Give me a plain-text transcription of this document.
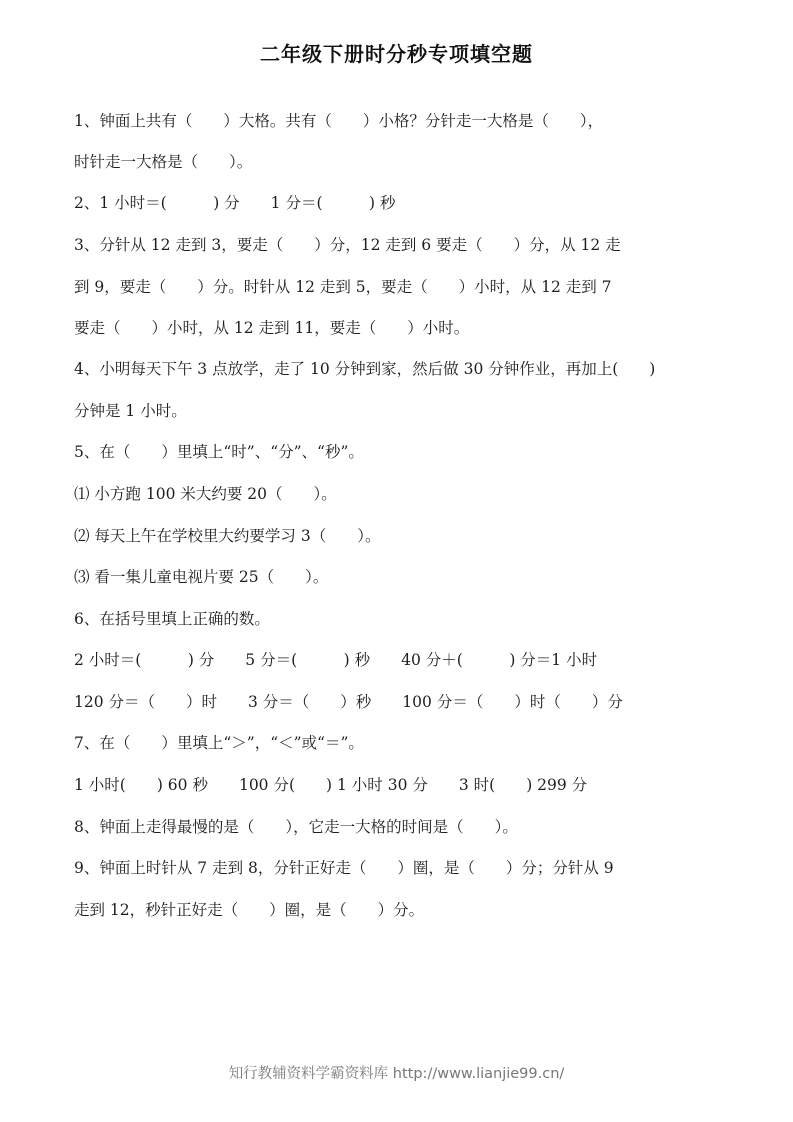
二年级下册时分秒专项填空题
1、钟面上共有（　　）大格。共有（　　）小格？分针走一大格是（　　），
时针走一大格是（　　）。
2、1 小时＝(　　　) 分　　1 分＝(　　　) 秒
3、分针从 12 走到 3，要走（　　）分，12 走到 6 要走（　　）分，从 12 走
到 9，要走（　　）分。时针从 12 走到 5，要走（　　）小时，从 12 走到 7
要走（　　）小时，从 12 走到 11，要走（　　）小时。
4、小明每天下午 3 点放学，走了 10 分钟到家，然后做 30 分钟作业，再加上(　　)
分钟是 1 小时。
5、在（　　）里填上“时”、“分”、“秒”。
⑴ 小方跑 100 米大约要 20（　　）。
⑵ 每天上午在学校里大约要学习 3（　　）。
⑶ 看一集儿童电视片要 25（　　）。
6、在括号里填上正确的数。
2 小时＝(　　　) 分　　5 分＝(　　　) 秒　　40 分＋(　　　) 分＝1 小时
120 分＝（　　）时　　3 分＝（　　）秒　　100 分＝（　　）时（　　）分
7、在（　　）里填上“＞”，“＜”或“＝”。
1 小时(　　) 60 秒　　100 分(　　) 1 小时 30 分　　3 时(　　) 299 分
8、钟面上走得最慢的是（　　），它走一大格的时间是（　　）。
9、钟面上时针从 7 走到 8，分针正好走（　　）圈，是（　　）分；分针从 9
走到 12，秒针正好走（　　）圈，是（　　）分。
知行教辅资料学霸资料库 http://www.lianjie99.cn/
